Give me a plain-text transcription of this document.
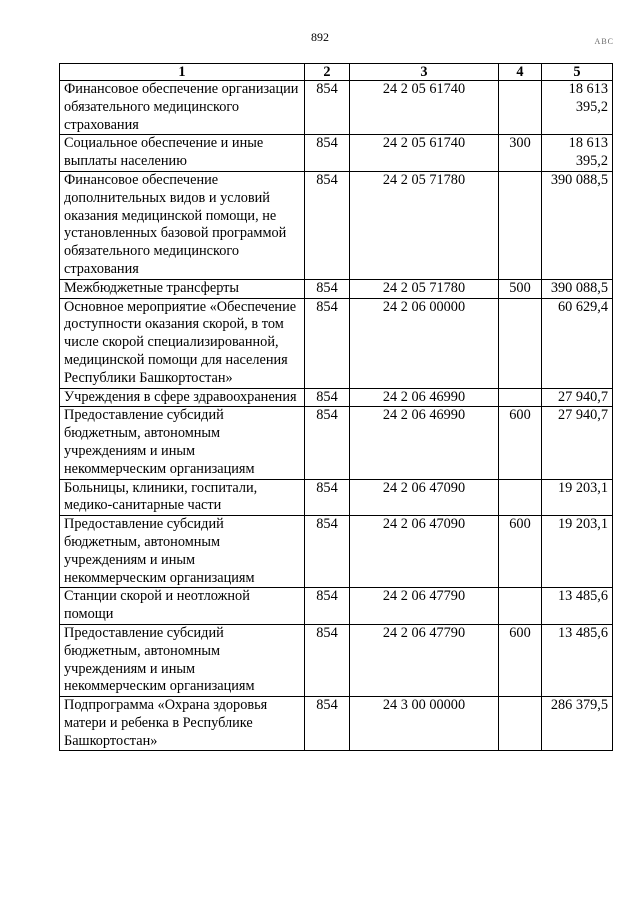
892	ABC
1	2	3	4	5
Финансовое обеспечение организации обязательного медицинского страхования	854	24 2 05 61740		18 613 395,2
Социальное обеспечение и иные выплаты населению	854	24 2 05 61740	300	18 613 395,2
Финансовое обеспечение дополнительных видов и условий оказания медицинской помощи, не установленных базовой программой обязательного медицинского страхования	854	24 2 05 71780		390 088,5
Межбюджетные трансферты	854	24 2 05 71780	500	390 088,5
Основное мероприятие «Обеспечение доступности оказания скорой, в том числе скорой специализированной, медицинской помощи для населения Республики Башкортостан»	854	24 2 06 00000		60 629,4
Учреждения в сфере здравоохранения	854	24 2 06 46990		27 940,7
Предоставление субсидий бюджетным, автономным учреждениям и иным некоммерческим организациям	854	24 2 06 46990	600	27 940,7
Больницы, клиники, госпитали, медико-санитарные части	854	24 2 06 47090		19 203,1
Предоставление субсидий бюджетным, автономным учреждениям и иным некоммерческим организациям	854	24 2 06 47090	600	19 203,1
Станции скорой и неотложной помощи	854	24 2 06 47790		13 485,6
Предоставление субсидий бюджетным, автономным учреждениям и иным некоммерческим организациям	854	24 2 06 47790	600	13 485,6
Подпрограмма «Охрана здоровья матери и ребенка в Республике Башкортостан»	854	24 3 00 00000		286 379,5
